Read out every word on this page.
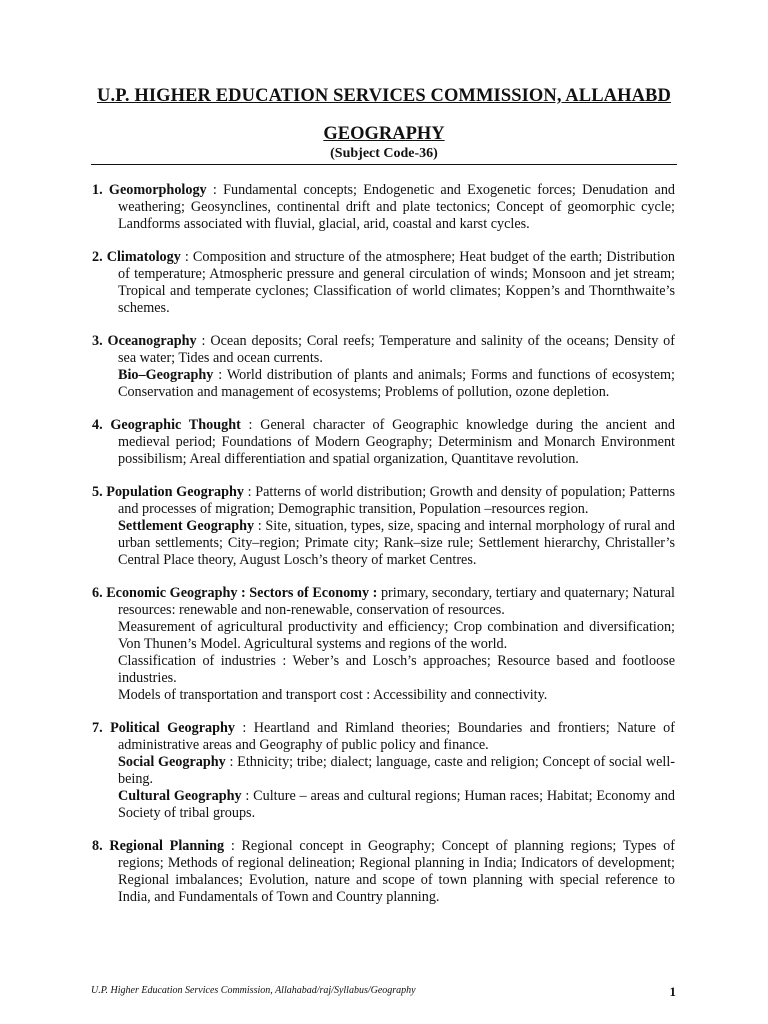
U.P. HIGHER EDUCATION SERVICES COMMISSION, ALLAHABD
GEOGRAPHY
(Subject Code-36)

1. Geomorphology : Fundamental concepts; Endogenetic and Exogenetic forces; Denudation and weathering; Geosynclines, continental drift and plate tectonics; Concept of geomorphic cycle; Landforms associated with fluvial, glacial, arid, coastal and karst cycles.

2. Climatology : Composition and structure of the atmosphere; Heat budget of the earth; Distribution of temperature; Atmospheric pressure and general circulation of winds; Monsoon and jet stream; Tropical and temperate cyclones; Classification of world climates; Koppen’s and Thornthwaite’s schemes.

3. Oceanography : Ocean deposits; Coral reefs; Temperature and salinity of the oceans; Density of sea water; Tides and ocean currents.

Bio–Geography : World distribution of plants and animals; Forms and functions of ecosystem; Conservation and management of ecosystems; Problems of pollution, ozone depletion.

4. Geographic Thought : General character of Geographic knowledge during the ancient and medieval period; Foundations of Modern Geography; Determinism and Monarch Environment possibilism; Areal differentiation and spatial organization, Quantitave revolution.

5. Population Geography : Patterns of world distribution; Growth and density of population; Patterns and processes of migration; Demographic transition, Population –resources region.

Settlement Geography : Site, situation, types, size, spacing and internal morphology of rural and urban settlements; City–region; Primate city; Rank–size rule; Settlement hierarchy, Christaller’s Central Place theory, August Losch’s theory of market Centres.

6. Economic Geography : Sectors of Economy : primary, secondary, tertiary and quaternary; Natural resources: renewable and non-renewable, conservation of resources.

Measurement of agricultural productivity and efficiency; Crop combination and diversification; Von Thunen’s Model. Agricultural systems and regions of the world.

Classification of industries : Weber’s and Losch’s approaches; Resource based and footloose industries.

Models of transportation and transport cost : Accessibility and connectivity.

7. Political Geography : Heartland and Rimland theories; Boundaries and frontiers; Nature of administrative areas and Geography of public policy and finance.

Social Geography : Ethnicity; tribe; dialect; language, caste and religion; Concept of social well-being.

Cultural Geography : Culture – areas and cultural regions; Human races; Habitat; Economy and Society of tribal groups.

8. Regional Planning : Regional concept in Geography; Concept of planning regions; Types of regions; Methods of regional delineation; Regional planning in India; Indicators of development; Regional imbalances; Evolution, nature and scope of town planning with special reference to India, and Fundamentals of Town and Country planning.

U.P. Higher Education Services Commission, Allahabad/raj/Syllabus/Geography	1
